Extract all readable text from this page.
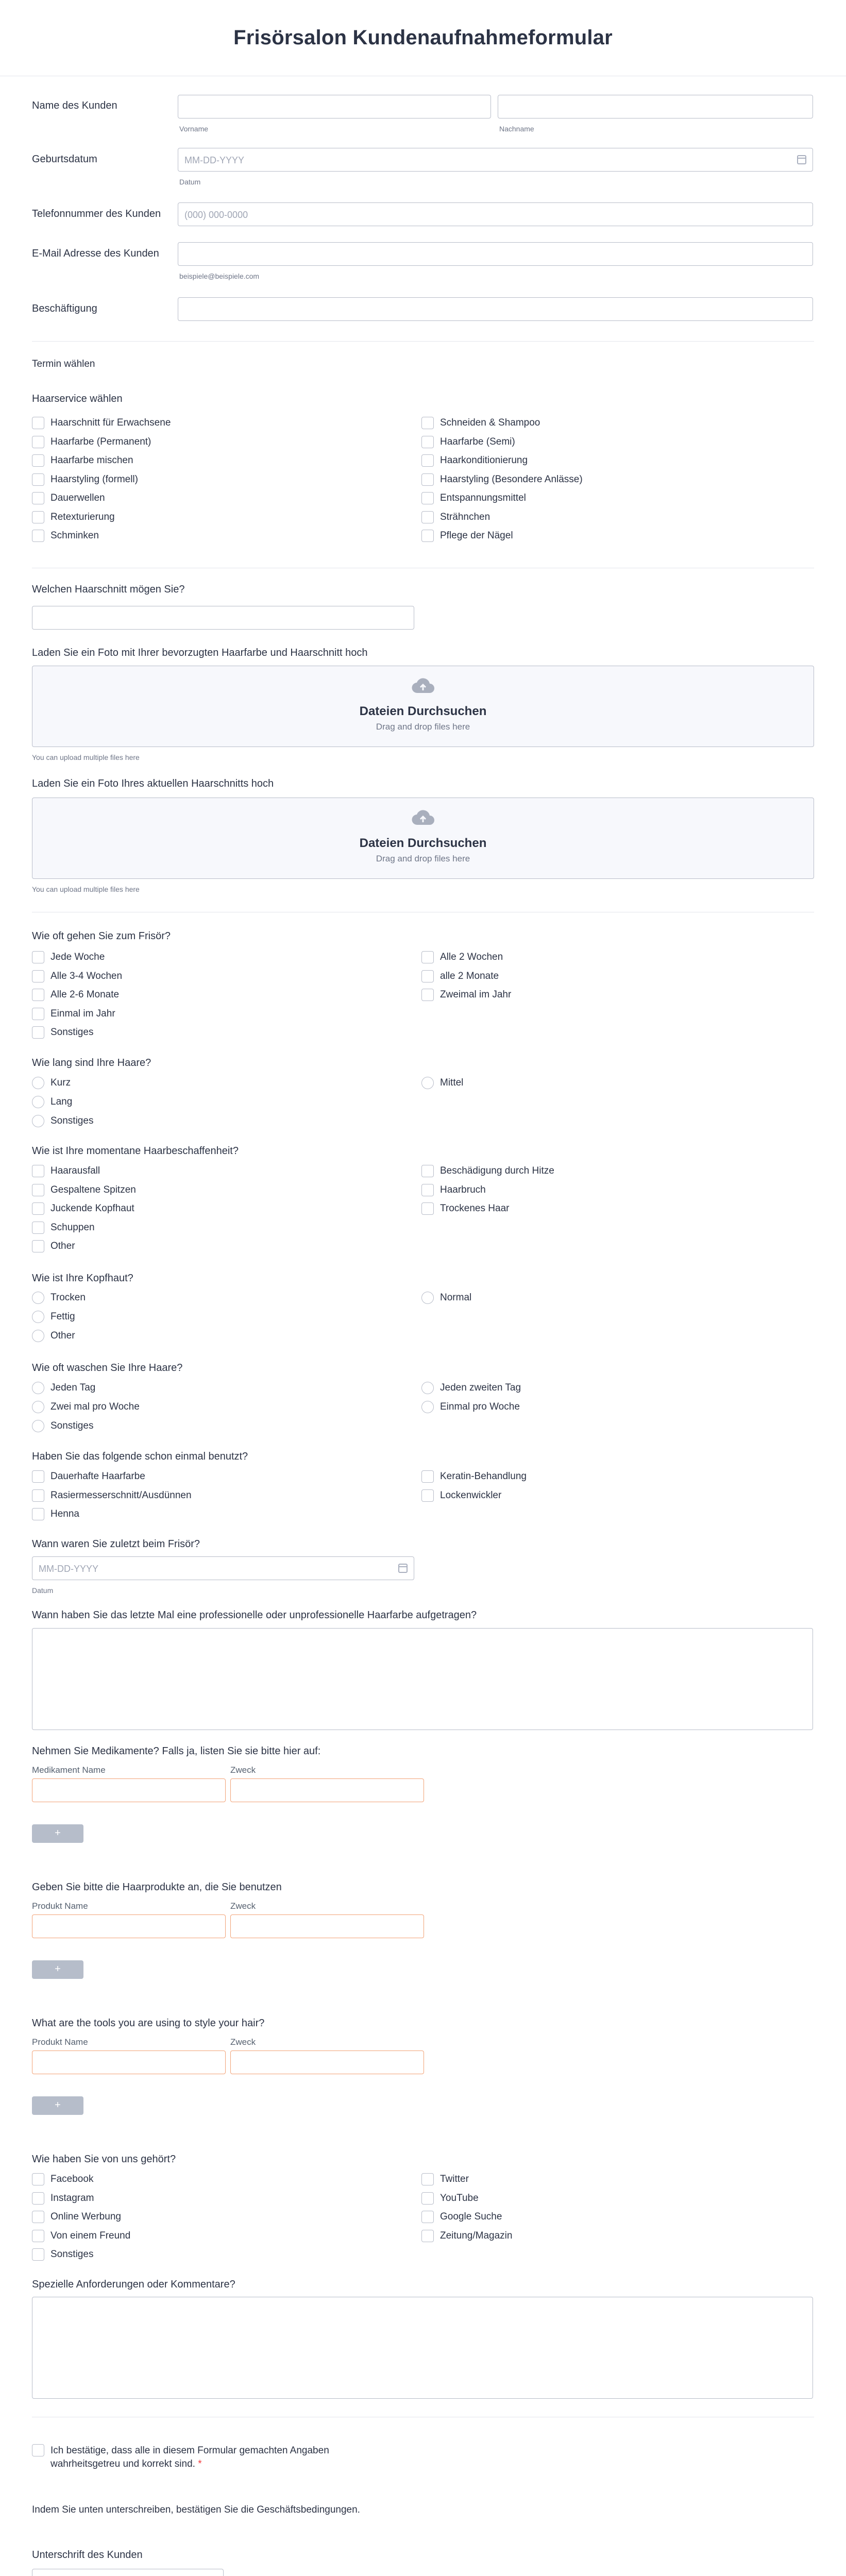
Frisörsalon Kundenaufnahmeformular
Name des Kunden
Vorname	Nachname
Geburtsdatum	MM-DD-YYYY
Datum
Telefonnummer des Kunden	(000) 000-0000
E-Mail Adresse des Kunden
beispiele@beispiele.com
Beschäftigung
Termin wählen
Haarservice wählen
Haarschnitt für Erwachsene
Haarfarbe (Permanent)
Haarfarbe mischen
Haarstyling (formell)
Dauerwellen
Retexturierung
Schminken
Schneiden & Shampoo
Haarfarbe (Semi)
Haarkonditionierung
Haarstyling (Besondere Anlässe)
Entspannungsmittel
Strähnchen
Pflege der Nägel
Welchen Haarschnitt mögen Sie?
Laden Sie ein Foto mit Ihrer bevorzugten Haarfarbe und Haarschnitt hoch
Dateien Durchsuchen
Drag and drop files here
You can upload multiple files here
Laden Sie ein Foto Ihres aktuellen Haarschnitts hoch
Dateien Durchsuchen
Drag and drop files here
You can upload multiple files here
Wie oft gehen Sie zum Frisör?
Jede Woche
Alle 3-4 Wochen
Alle 2-6 Monate
Einmal im Jahr
Sonstiges
Alle 2 Wochen
alle 2 Monate
Zweimal im Jahr
Wie lang sind Ihre Haare?
Kurz
Lang
Sonstiges
Mittel
Wie ist Ihre momentane Haarbeschaffenheit?
Haarausfall
Gespaltene Spitzen
Juckende Kopfhaut
Schuppen
Other
Beschädigung durch Hitze
Haarbruch
Trockenes Haar
Wie ist Ihre Kopfhaut?
Trocken
Fettig
Other
Normal
Wie oft waschen Sie Ihre Haare?
Jeden Tag
Zwei mal pro Woche
Sonstiges
Jeden zweiten Tag
Einmal pro Woche
Haben Sie das folgende schon einmal benutzt?
Dauerhafte Haarfarbe
Rasiermesserschnitt/Ausdünnen
Henna
Keratin-Behandlung
Lockenwickler
Wann waren Sie zuletzt beim Frisör?
MM-DD-YYYY
Datum
Wann haben Sie das letzte Mal eine professionelle oder unprofessionelle Haarfarbe aufgetragen?
Nehmen Sie Medikamente? Falls ja, listen Sie sie bitte hier auf:
Medikament Name	Zweck
+
Geben Sie bitte die Haarprodukte an, die Sie benutzen
Produkt Name	Zweck
+
What are the tools you are using to style your hair?
Produkt Name	Zweck
+
Wie haben Sie von uns gehört?
Facebook
Instagram
Online Werbung
Von einem Freund
Sonstiges
Twitter
YouTube
Google Suche
Zeitung/Magazin
Spezielle Anforderungen oder Kommentare?
Ich bestätige, dass alle in diesem Formular gemachten Angaben
wahrheitsgetreu und korrekt sind. *
Indem Sie unten unterschreiben, bestätigen Sie die Geschäftsbedingungen.
Unterschrift des Kunden
